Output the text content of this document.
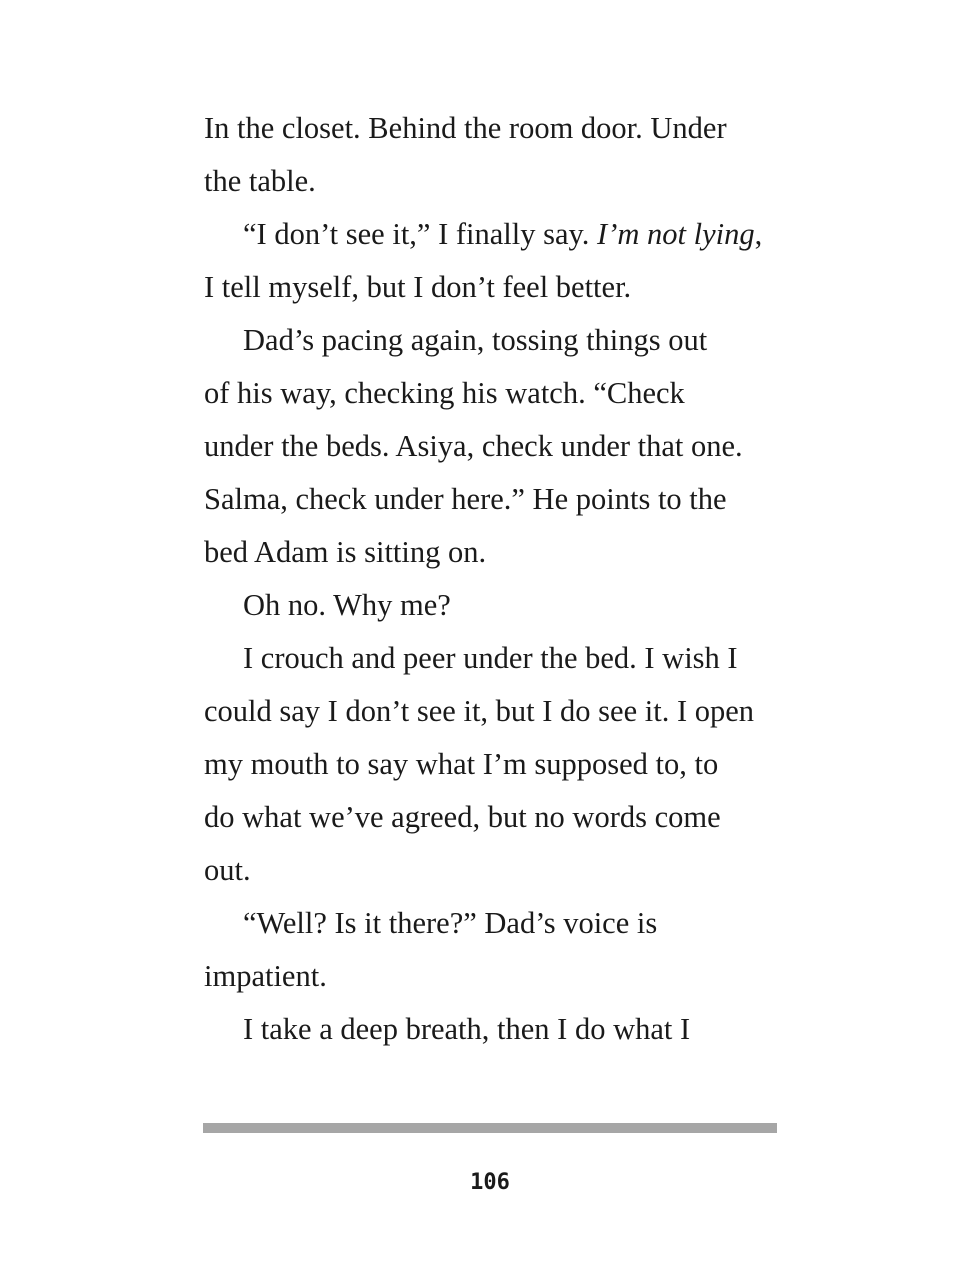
In the closet. Behind the room door. Under
the table.
“I don’t see it,” I finally say. I’m not lying,
I tell myself, but I don’t feel better.
Dad’s pacing again, tossing things out
of his way, checking his watch. “Check
under the beds. Asiya, check under that one.
Salma, check under here.” He points to the
bed Adam is sitting on.
Oh no. Why me?
I crouch and peer under the bed. I wish I
could say I don’t see it, but I do see it. I open
my mouth to say what I’m supposed to, to
do what we’ve agreed, but no words come
out.
“Well? Is it there?” Dad’s voice is
impatient.
I take a deep breath, then I do what I
106
